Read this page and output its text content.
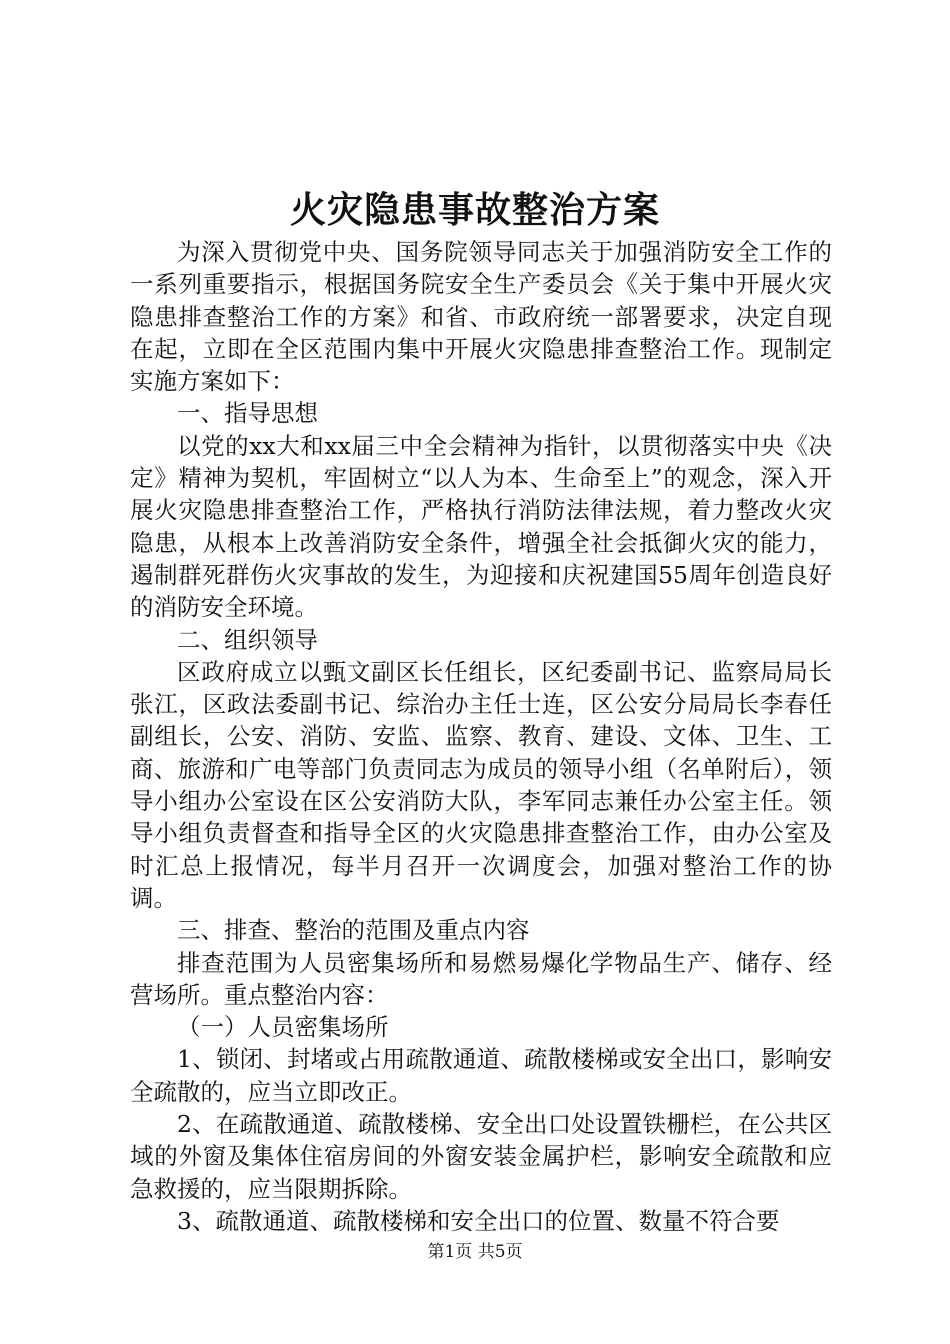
火灾隐患事故整治方案

为深入贯彻党中央、国务院领导同志关于加强消防安全工作的一系列重要指示，根据国务院安全生产委员会《关于集中开展火灾隐患排查整治工作的方案》和省、市政府统一部署要求，决定自现在起，立即在全区范围内集中开展火灾隐患排查整治工作。现制定实施方案如下：

一、指导思想

以党的xx大和xx届三中全会精神为指针，以贯彻落实中央《决定》精神为契机，牢固树立“以人为本、生命至上”的观念，深入开展火灾隐患排查整治工作，严格执行消防法律法规，着力整改火灾隐患，从根本上改善消防安全条件，增强全社会抵御火灾的能力，遏制群死群伤火灾事故的发生，为迎接和庆祝建国55周年创造良好的消防安全环境。

二、组织领导

区政府成立以甄文副区长任组长，区纪委副书记、监察局局长张江，区政法委副书记、综治办主任士连，区公安分局局长李春任副组长，公安、消防、安监、监察、教育、建设、文体、卫生、工商、旅游和广电等部门负责同志为成员的领导小组（名单附后），领导小组办公室设在区公安消防大队，李军同志兼任办公室主任。领导小组负责督查和指导全区的火灾隐患排查整治工作，由办公室及时汇总上报情况，每半月召开一次调度会，加强对整治工作的协调。

三、排查、整治的范围及重点内容

排查范围为人员密集场所和易燃易爆化学物品生产、储存、经营场所。重点整治内容：

（一）人员密集场所

1、锁闭、封堵或占用疏散通道、疏散楼梯或安全出口，影响安全疏散的，应当立即改正。

2、在疏散通道、疏散楼梯、安全出口处设置铁栅栏，在公共区域的外窗及集体住宿房间的外窗安装金属护栏，影响安全疏散和应急救援的，应当限期拆除。

3、疏散通道、疏散楼梯和安全出口的位置、数量不符合要

第1页 共5页
